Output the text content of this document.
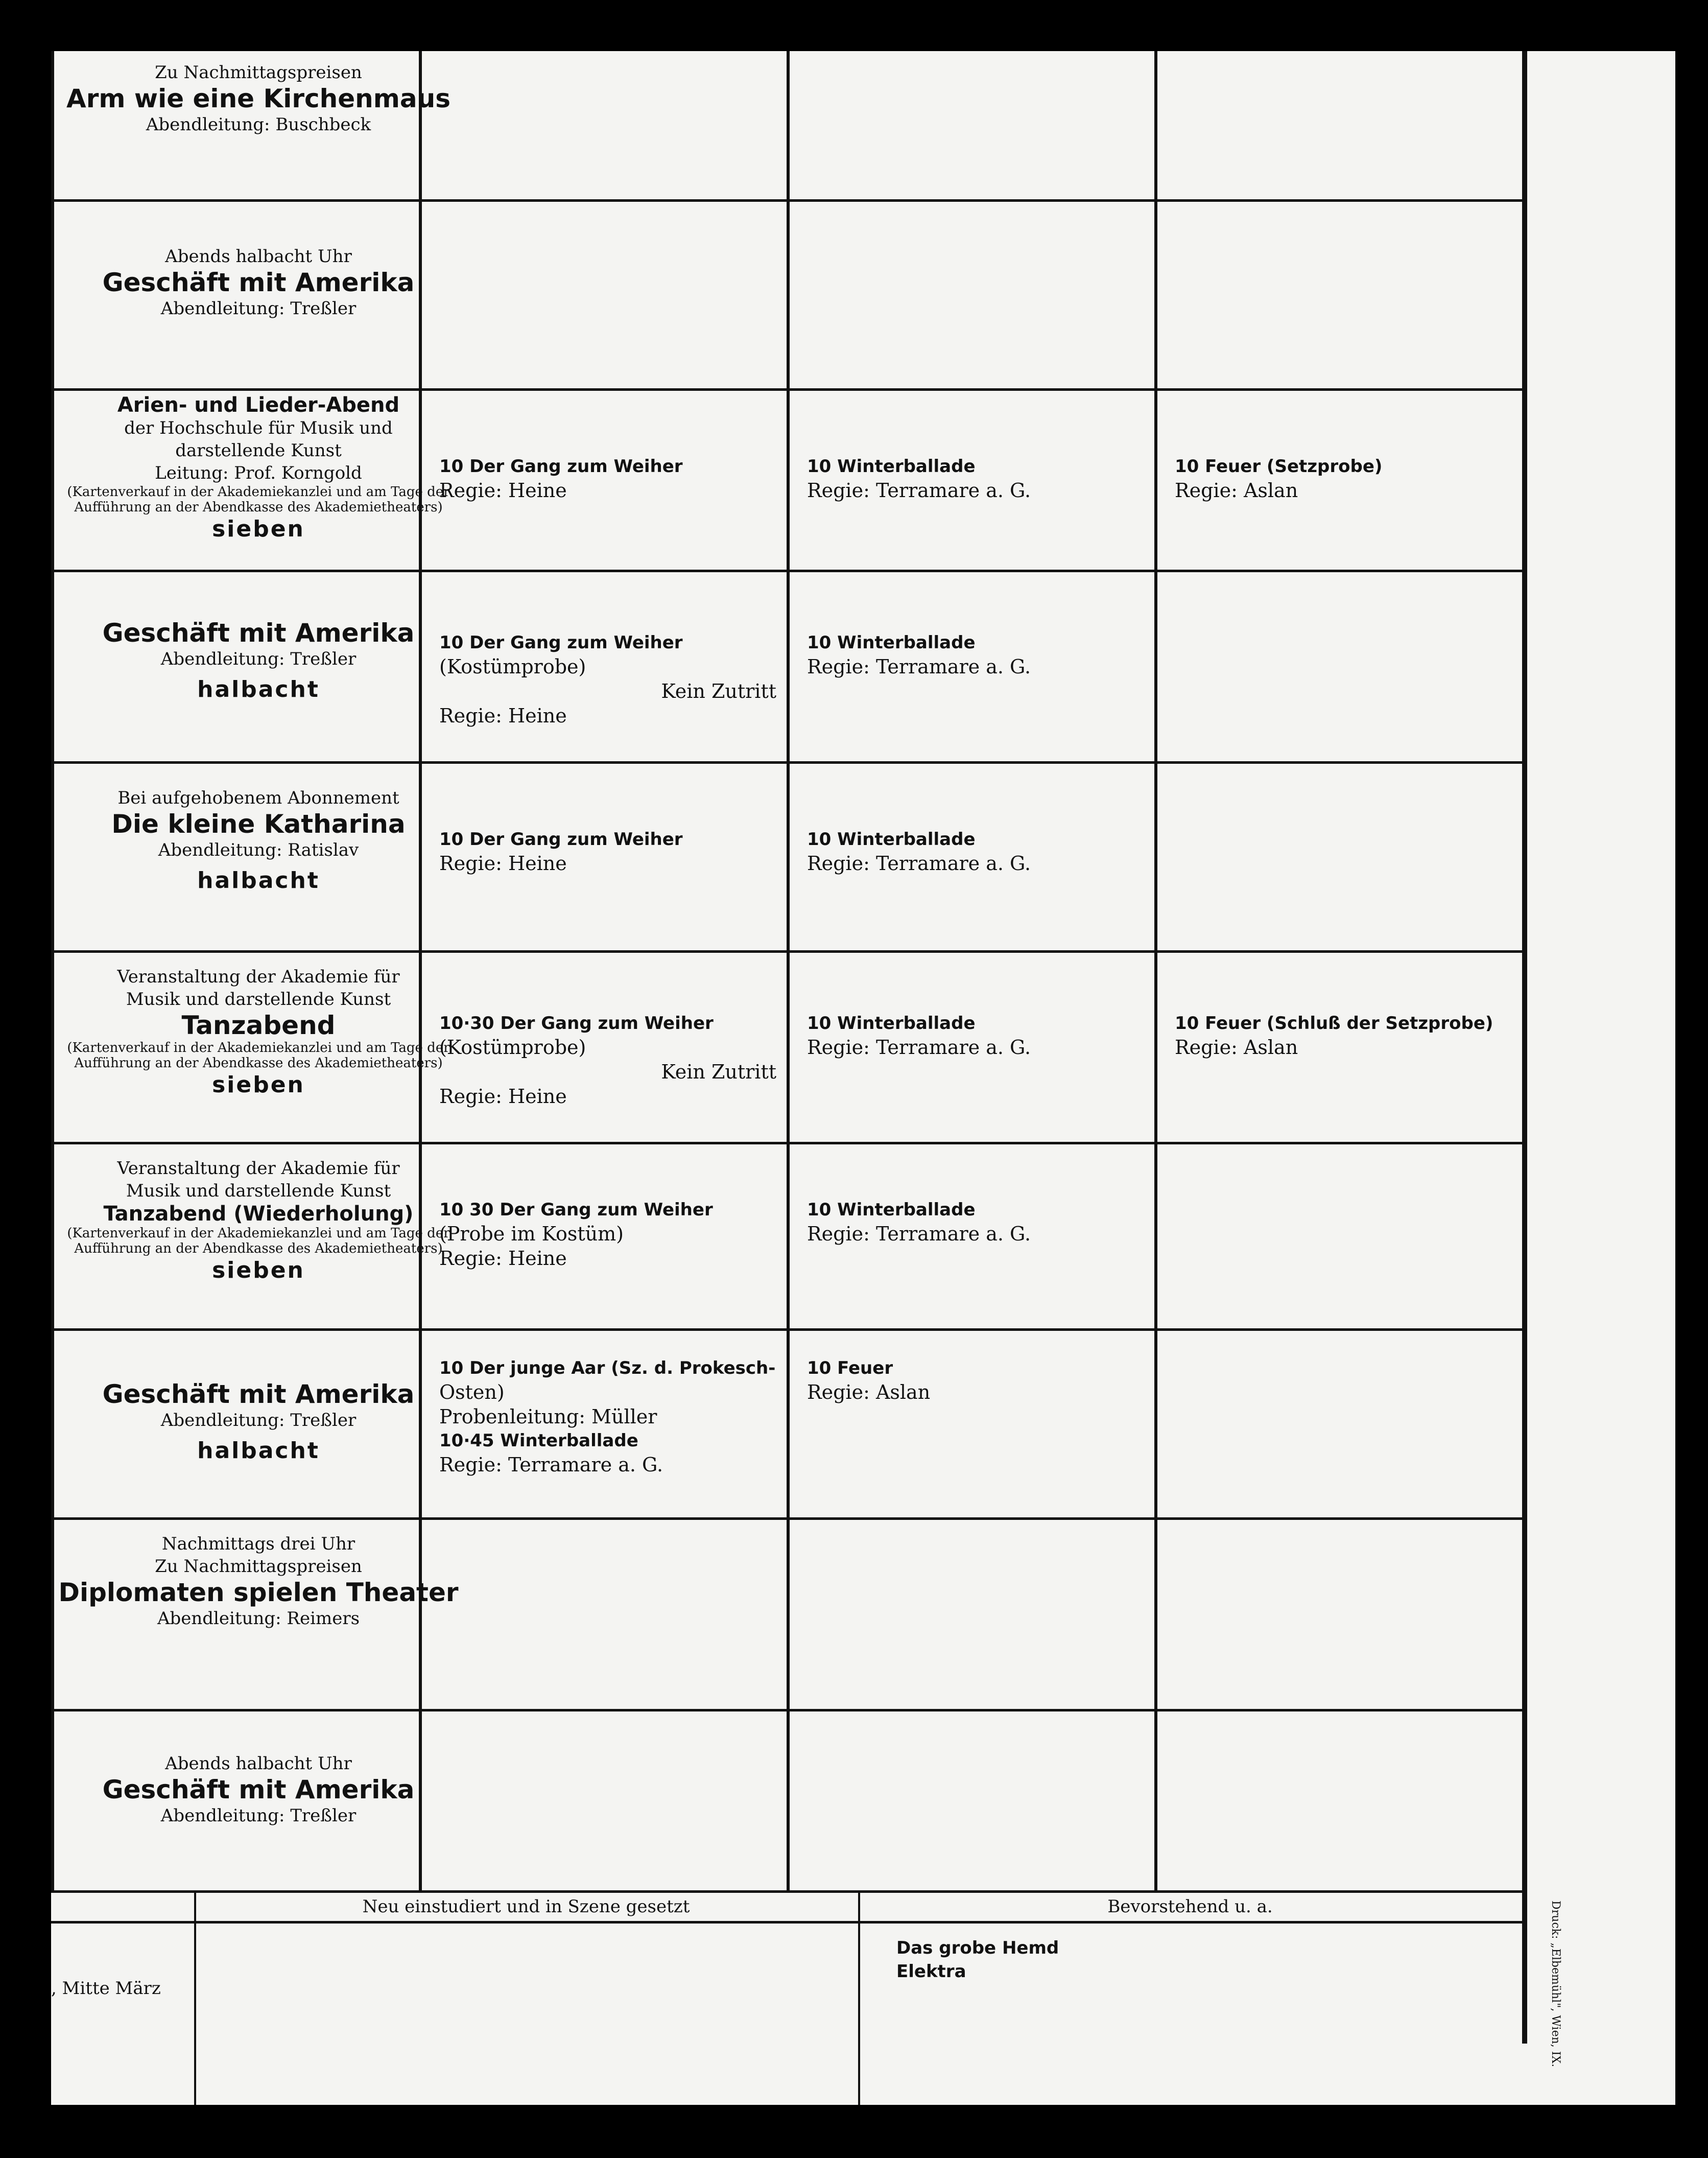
Zu Nachmittagspreisen
Arm wie eine Kirchenmaus
Abendleitung: Buschbeck
Abends halbacht Uhr
Geschäft mit Amerika
Abendleitung: Treßler
Arien- und Lieder-Abend
der Hochschule für Musik und
darstellende Kunst
Leitung: Prof. Korngold
(Kartenverkauf in der Akademiekanzlei und am Tage der Aufführung an der Abendkasse des Akademietheaters)
sieben
Geschäft mit Amerika
Abendleitung: Treßler
halbacht
Bei aufgehobenem Abonnement
Die kleine Katharina
Abendleitung: Ratislav
halbacht
Veranstaltung der Akademie für
Musik und darstellende Kunst
Tanzabend
(Kartenverkauf in der Akademiekanzlei und am Tage der Aufführung an der Abendkasse des Akademietheaters)
sieben
Veranstaltung der Akademie für
Musik und darstellende Kunst
Tanzabend (Wiederholung)
(Kartenverkauf in der Akademiekanzlei und am Tage der Aufführung an der Abendkasse des Akademietheaters)
sieben
Geschäft mit Amerika
Abendleitung: Treßler
halbacht
Nachmittags drei Uhr
Zu Nachmittagspreisen
Diplomaten spielen Theater
Abendleitung: Reimers
Abends halbacht Uhr
Geschäft mit Amerika
Abendleitung: Treßler
10 Der Gang zum Weiher
Regie: Heine
10 Winterballade
Regie: Terramare a. G.
10 Feuer (Setzprobe)
Regie: Aslan
10 Der Gang zum Weiher
(Kostümprobe)
Kein Zutritt
Regie: Heine
10 Winterballade
Regie: Terramare a. G.
10 Der Gang zum Weiher
Regie: Heine
10 Winterballade
Regie: Terramare a. G.
10·30 Der Gang zum Weiher
(Kostümprobe)
Kein Zutritt
Regie: Heine
10 Winterballade
Regie: Terramare a. G.
10 Feuer (Schluß der Setzprobe)
Regie: Aslan
10 30 Der Gang zum Weiher
(Probe im Kostüm)
Regie: Heine
10 Winterballade
Regie: Terramare a. G.
10 Der junge Aar (Sz. d. Prokesch-
Osten)
Probenleitung: Müller
10·45 Winterballade
Regie: Terramare a. G.
10 Feuer
Regie: Aslan
Neu einstudiert und in Szene gesetzt	Bevorstehend u. a.
, Mitte März
Das grobe Hemd
Elektra	Druck: „Elbemühl", Wien, IX.
